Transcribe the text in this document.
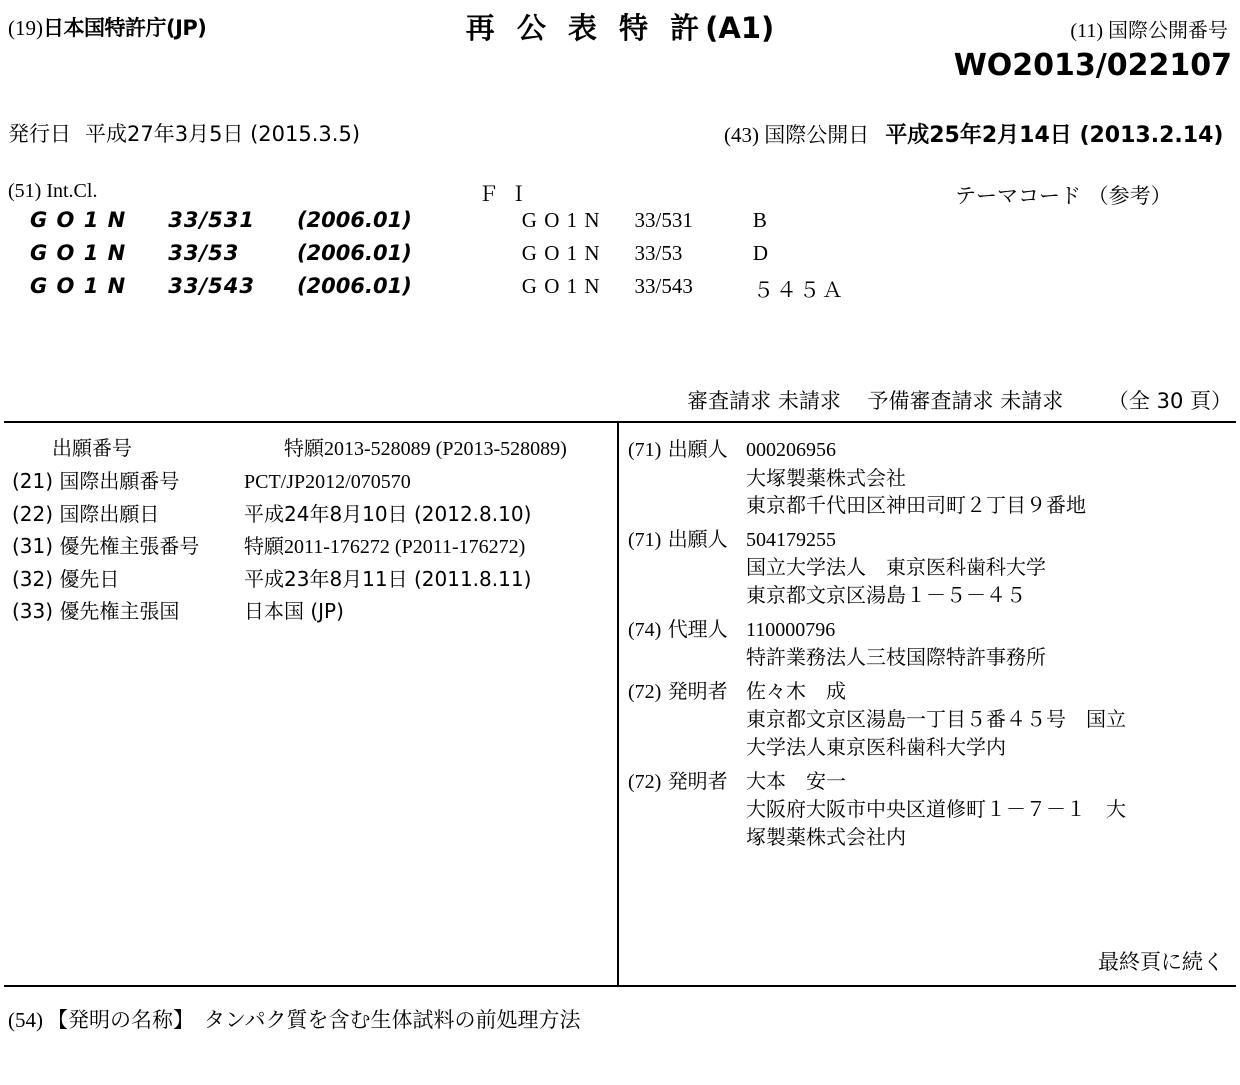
(19)日本国特許庁(JP)	再 公 表 特 許(A1)	(11) 国際公開番号
WO2013/022107
発行日 平成27年3月5日 (2015.3.5)	(43) 国際公開日 平成25年2月14日 (2013.2.14)
(51) Int.Cl.	Ｆ Ｉ	テーマコード （参考）
G O 1 N	33/531	(2006.01)	G O 1 N	33/531	B
G O 1 N	33/53	(2006.01)	G O 1 N	33/53	D
G O 1 N	33/543	(2006.01)	G O 1 N	33/543	５４５Ａ
審査請求 未請求 予備審査請求 未請求 （全 30 頁）
出願番号	特願2013-528089 (P2013-528089)
(21) 国際出願番号	PCT/JP2012/070570
(22) 国際出願日	平成24年8月10日 (2012.8.10)
(31) 優先権主張番号	特願2011-176272 (P2011-176272)
(32) 優先日	平成23年8月11日 (2011.8.11)
(33) 優先権主張国	日本国 (JP)
(71) 出願人 000206956
大塚製薬株式会社
東京都千代田区神田司町２丁目９番地
(71) 出願人 504179255
国立大学法人　東京医科歯科大学
東京都文京区湯島１－５－４５
(74) 代理人 110000796
特許業務法人三枝国際特許事務所
(72) 発明者 佐々木　成
東京都文京区湯島一丁目５番４５号　国立
大学法人東京医科歯科大学内
(72) 発明者 大本　安一
大阪府大阪市中央区道修町１－７－１　大
塚製薬株式会社内
最終頁に続く
(54) 【発明の名称】 タンパク質を含む生体試料の前処理方法
